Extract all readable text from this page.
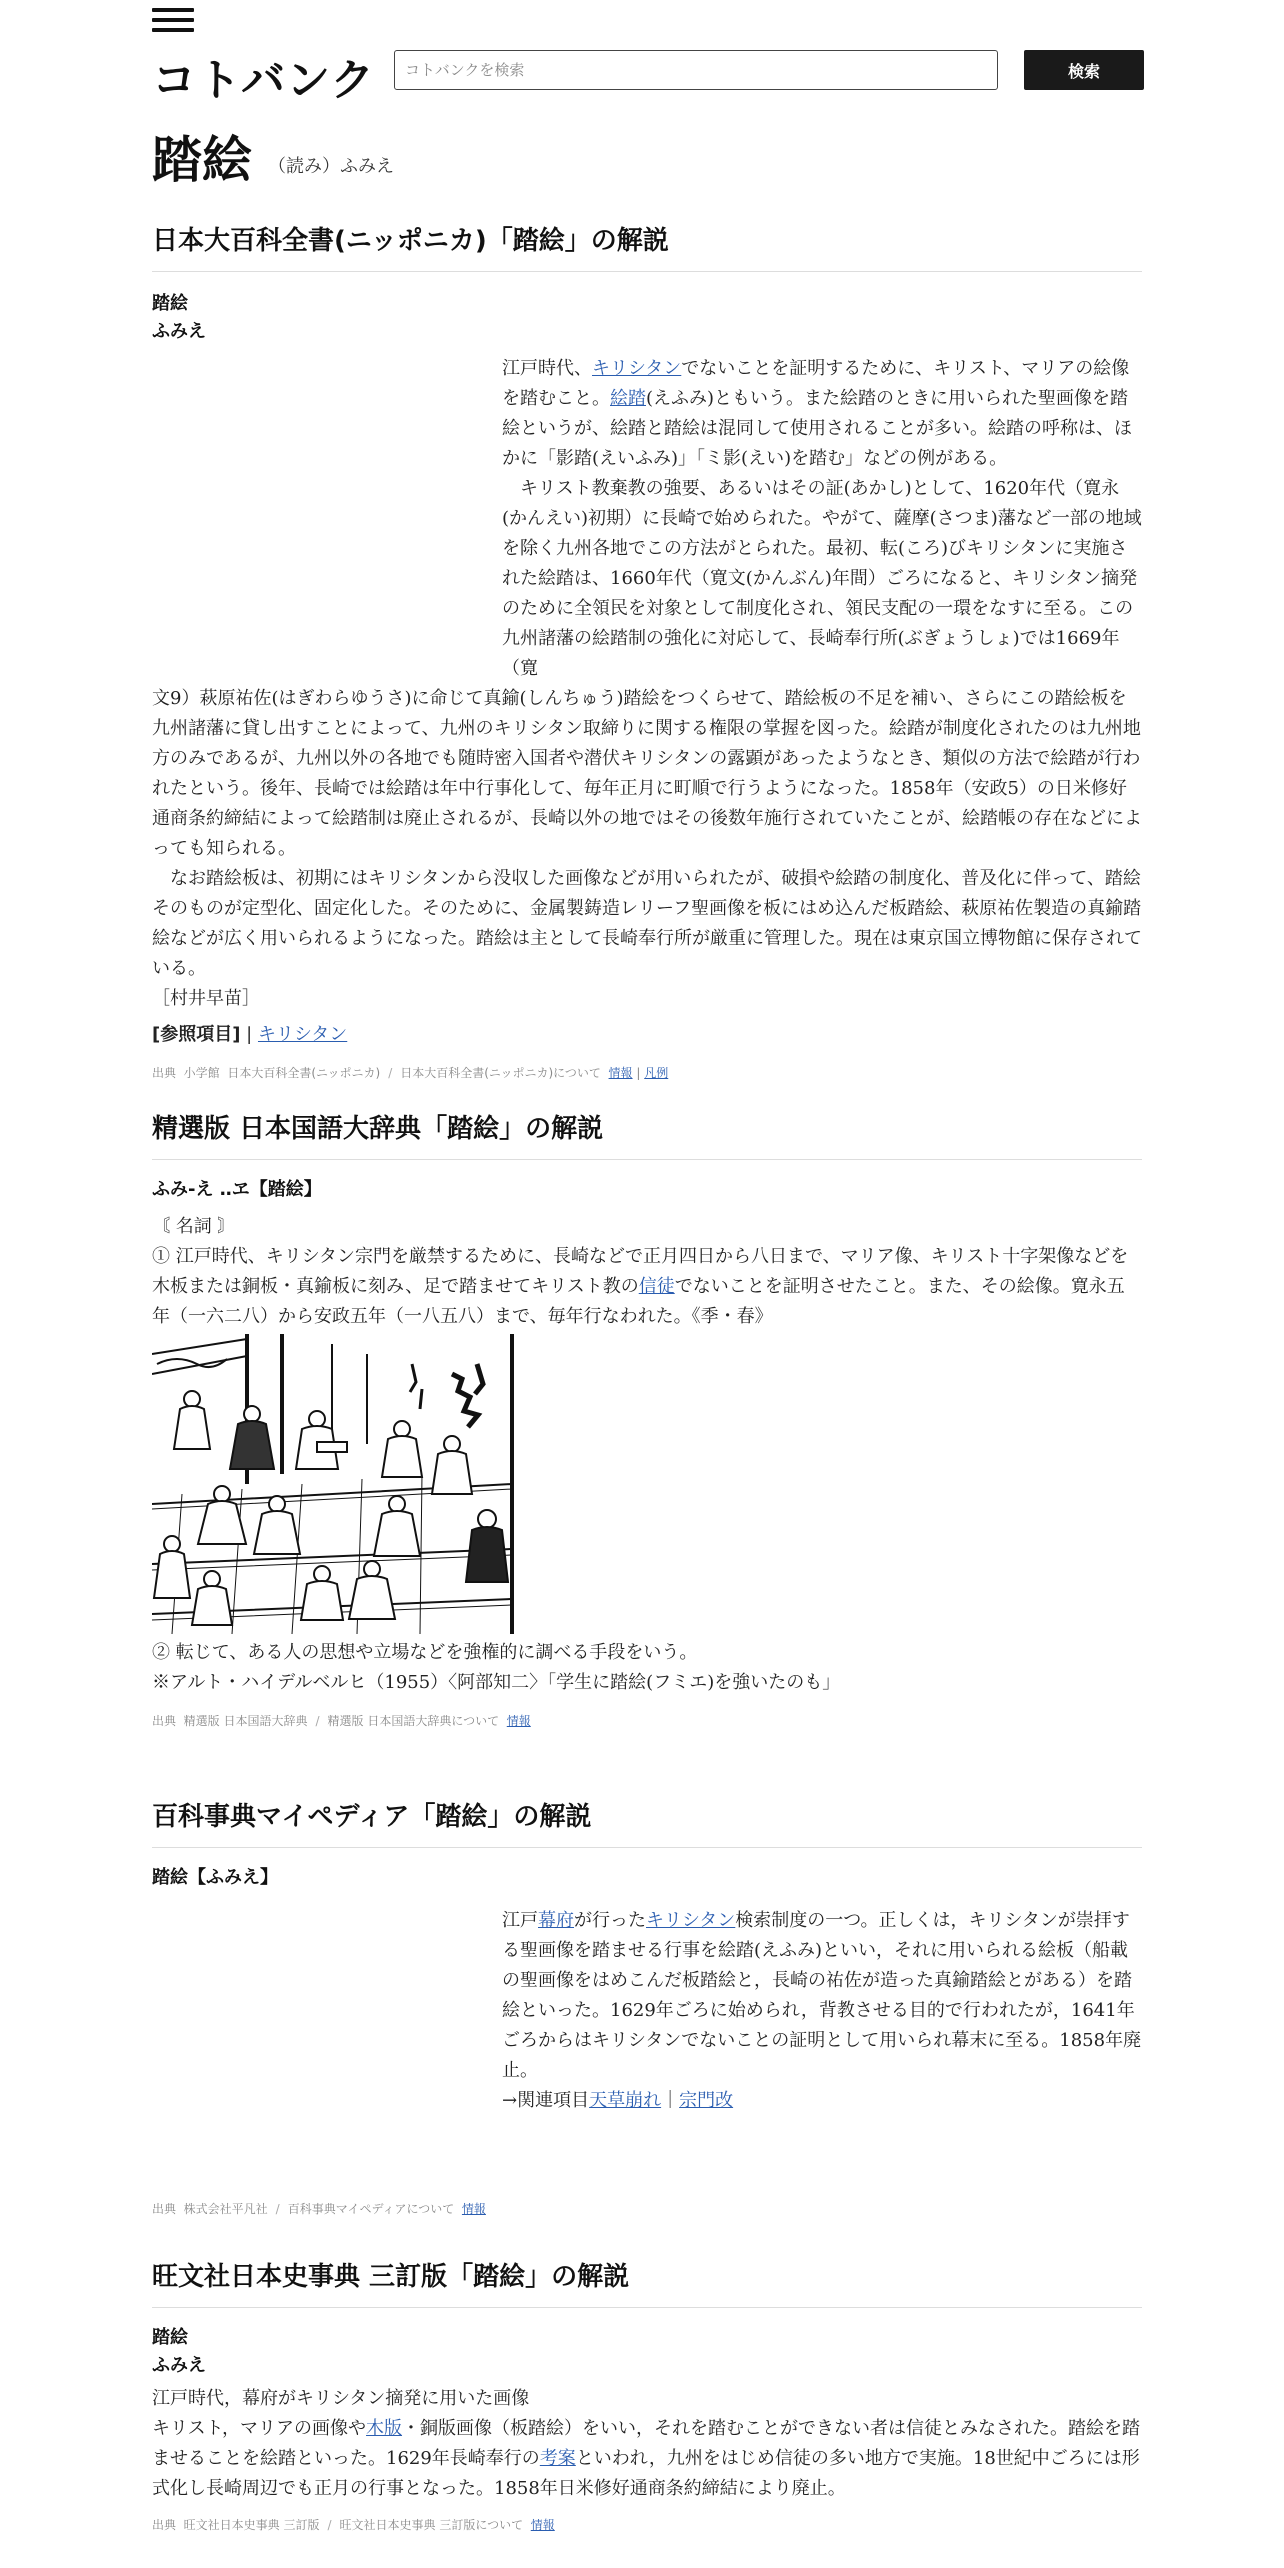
コトバンク
コトバンクを検索	検索
踏絵 （読み）ふみえ
日本大百科全書(ニッポニカ)「踏絵」の解説
踏絵
ふみえ

江戸時代、キリシタンでないことを証明するために、キリスト、マリアの絵像を踏むこと。絵踏(えふみ)ともいう。また絵踏のときに用いられた聖画像を踏絵というが、絵踏と踏絵は混同して使用されることが多い。絵踏の呼称は、ほかに「影踏(えいふみ)」「ミ影(えい)を踏む」などの例がある。

　キリスト教棄教の強要、あるいはその証(あかし)として、1620年代（寛永(かんえい)初期）に長崎で始められた。やがて、薩摩(さつま)藩など一部の地域を除く九州各地でこの方法がとられた。最初、転(ころ)びキリシタンに実施された絵踏は、1660年代（寛文(かんぶん)年間）ごろになると、キリシタン摘発のために全領民を対象として制度化され、領民支配の一環をなすに至る。この九州諸藩の絵踏制の強化に対応して、長崎奉行所(ぶぎょうしょ)では1669年（寛

文9）萩原祐佐(はぎわらゆうさ)に命じて真鍮(しんちゅう)踏絵をつくらせて、踏絵板の不足を補い、さらにこの踏絵板を九州諸藩に貸し出すことによって、九州のキリシタン取締りに関する権限の掌握を図った。絵踏が制度化されたのは九州地方のみであるが、九州以外の各地でも随時密入国者や潜伏キリシタンの露顕があったようなとき、類似の方法で絵踏が行われたという。後年、長崎では絵踏は年中行事化して、毎年正月に町順で行うようになった。1858年（安政5）の日米修好通商条約締結によって絵踏制は廃止されるが、長崎以外の地ではその後数年施行されていたことが、絵踏帳の存在などによっても知られる。

　なお踏絵板は、初期にはキリシタンから没収した画像などが用いられたが、破損や絵踏の制度化、普及化に伴って、踏絵そのものが定型化、固定化した。そのために、金属製鋳造レリーフ聖画像を板にはめ込んだ板踏絵、萩原祐佐製造の真鍮踏絵などが広く用いられるようになった。踏絵は主として長崎奉行所が厳重に管理した。現在は東京国立博物館に保存されている。

［村井早苗］

[参照項目] | キリシタン

出典 小学館 日本大百科全書(ニッポニカ) / 日本大百科全書(ニッポニカ)について 情報 | 凡例
精選版 日本国語大辞典「踏絵」の解説
ふみ‐え ‥ヱ【踏絵】

〘 名詞 〙

① 江戸時代、キリシタン宗門を厳禁するために、長崎などで正月四日から八日まで、マリア像、キリスト十字架像などを木板または銅板・真鍮板に刻み、足で踏ませてキリスト教の信徒でないことを証明させたこと。また、その絵像。寛永五年（一六二八）から安政五年（一八五八）まで、毎年行なわれた。《季・春》

② 転じて、ある人の思想や立場などを強権的に調べる手段をいう。

※アルト・ハイデルベルヒ（1955）〈阿部知二〉「学生に踏絵(フミエ)を強いたのも」

出典 精選版 日本国語大辞典 / 精選版 日本国語大辞典について 情報
百科事典マイペディア「踏絵」の解説
踏絵【ふみえ】

江戸幕府が行ったキリシタン検索制度の一つ。正しくは，キリシタンが崇拝する聖画像を踏ませる行事を絵踏(えふみ)といい，それに用いられる絵板（船載の聖画像をはめこんだ板踏絵と，長崎の祐佐が造った真鍮踏絵とがある）を踏絵といった。1629年ごろに始められ，背教させる目的で行われたが，1641年ごろからはキリシタンでないことの証明として用いられ幕末に至る。1858年廃止。

→関連項目天草崩れ｜宗門改

出典 株式会社平凡社 / 百科事典マイペディアについて 情報
旺文社日本史事典 三訂版「踏絵」の解説
踏絵
ふみえ

江戸時代，幕府がキリシタン摘発に用いた画像

キリスト，マリアの画像や木版・銅版画像（板踏絵）をいい，それを踏むことができない者は信徒とみなされた。踏絵を踏ませることを絵踏といった。1629年長崎奉行の考案といわれ，九州をはじめ信徒の多い地方で実施。18世紀中ごろには形式化し長崎周辺でも正月の行事となった。1858年日米修好通商条約締結により廃止。

出典 旺文社日本史事典 三訂版 / 旺文社日本史事典 三訂版について 情報
